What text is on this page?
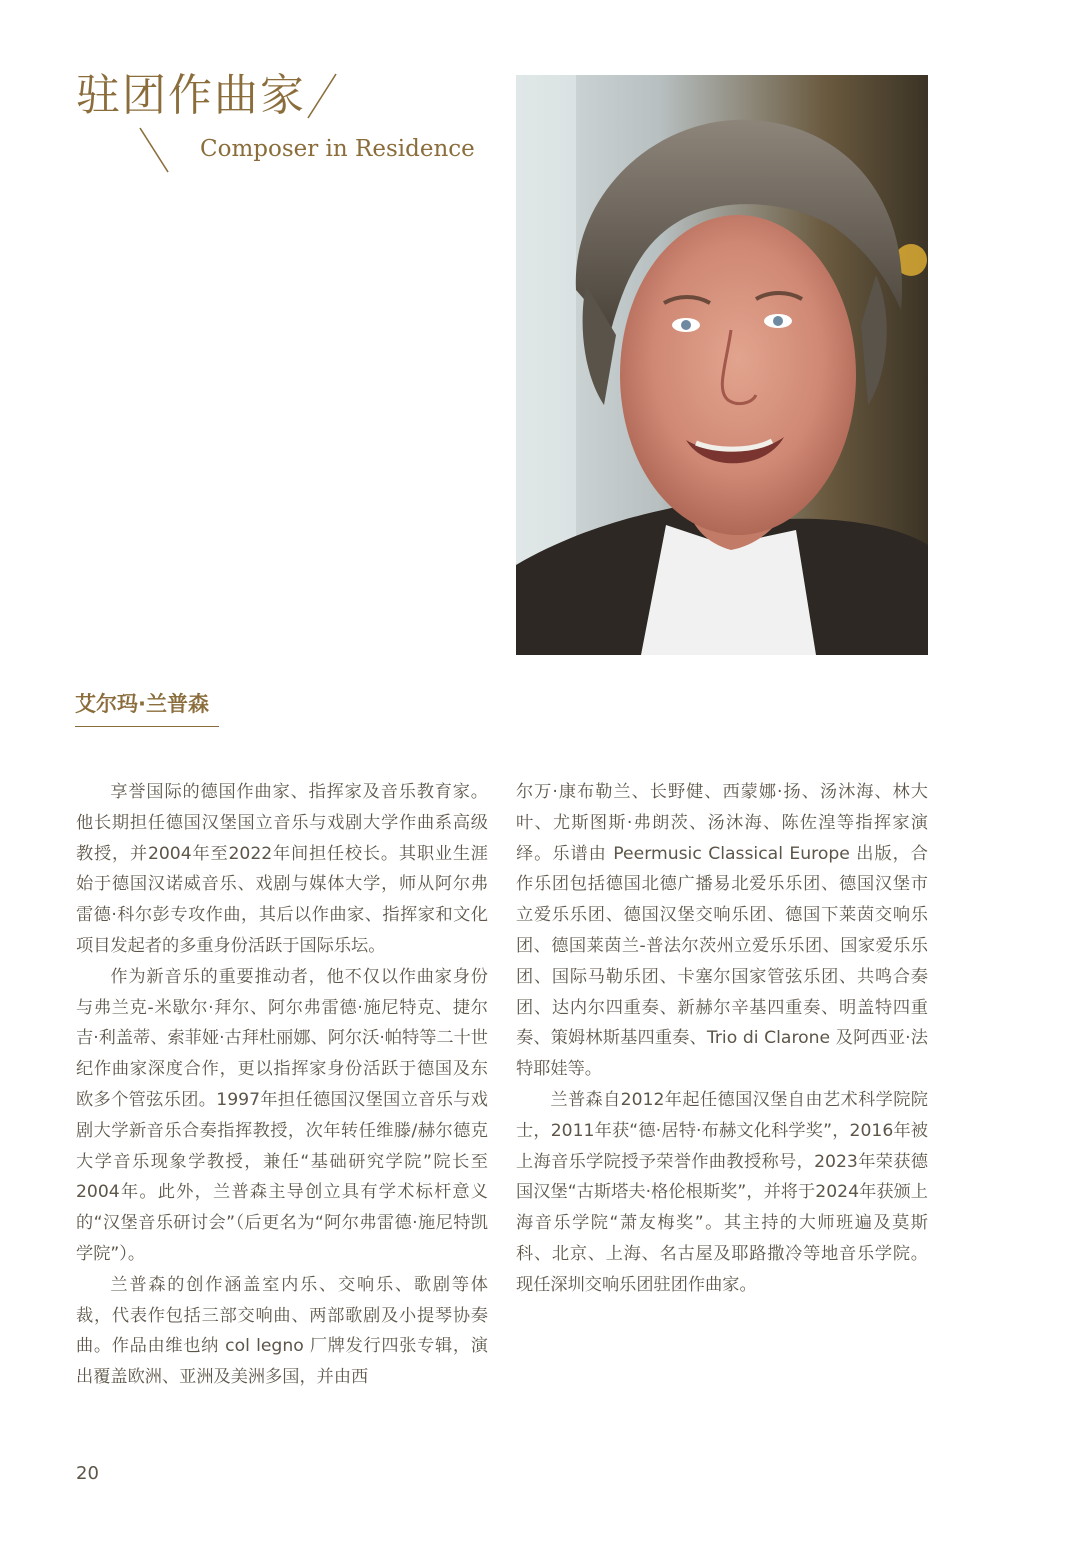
驻团作曲家
Composer in Residence
艾尔玛·兰普森

享誉国际的德国作曲家、指挥家及音乐教育家。他长期担任德国汉堡国立音乐与戏剧大学作曲系高级教授，并2004年至2022年间担任校长。其职业生涯始于德国汉诺威音乐、戏剧与媒体大学，师从阿尔弗雷德·科尔彭专攻作曲，其后以作曲家、指挥家和文化项目发起者的多重身份活跃于国际乐坛。

作为新音乐的重要推动者，他不仅以作曲家身份与弗兰克-米歇尔·拜尔、阿尔弗雷德·施尼特克、捷尔吉·利盖蒂、索菲娅·古拜杜丽娜、阿尔沃·帕特等二十世纪作曲家深度合作，更以指挥家身份活跃于德国及东欧多个管弦乐团。1997年担任德国汉堡国立音乐与戏剧大学新音乐合奏指挥教授，次年转任维滕/赫尔德克大学音乐现象学教授，兼任“基础研究学院”院长至2004年。此外，兰普森主导创立具有学术标杆意义的“汉堡音乐研讨会”（后更名为“阿尔弗雷德·施尼特凯学院”）。

兰普森的创作涵盖室内乐、交响乐、歌剧等体裁，代表作包括三部交响曲、两部歌剧及小提琴协奏曲。作品由维也纳 col legno 厂牌发行四张专辑，演出覆盖欧洲、亚洲及美洲多国，并由西

尔万·康布勒兰、长野健、西蒙娜·扬、汤沐海、林大叶、尤斯图斯·弗朗茨、汤沐海、陈佐湟等指挥家演绎。乐谱由 Peermusic Classical Europe 出版，合作乐团包括德国北德广播易北爱乐乐团、德国汉堡市立爱乐乐团、德国汉堡交响乐团、德国下莱茵交响乐团、德国莱茵兰-普法尔茨州立爱乐乐团、国家爱乐乐团、国际马勒乐团、卡塞尔国家管弦乐团、共鸣合奏团、达内尔四重奏、新赫尔辛基四重奏、明盖特四重奏、策姆林斯基四重奏、Trio di Clarone 及阿西亚·法特耶娃等。

兰普森自2012年起任德国汉堡自由艺术科学院院士，2011年获“德·居特·布赫文化科学奖”，2016年被上海音乐学院授予荣誉作曲教授称号，2023年荣获德国汉堡“古斯塔夫·格伦根斯奖”，并将于2024年获颁上海音乐学院“萧友梅奖”。其主持的大师班遍及莫斯科、北京、上海、名古屋及耶路撒冷等地音乐学院。现任深圳交响乐团驻团作曲家。

20
